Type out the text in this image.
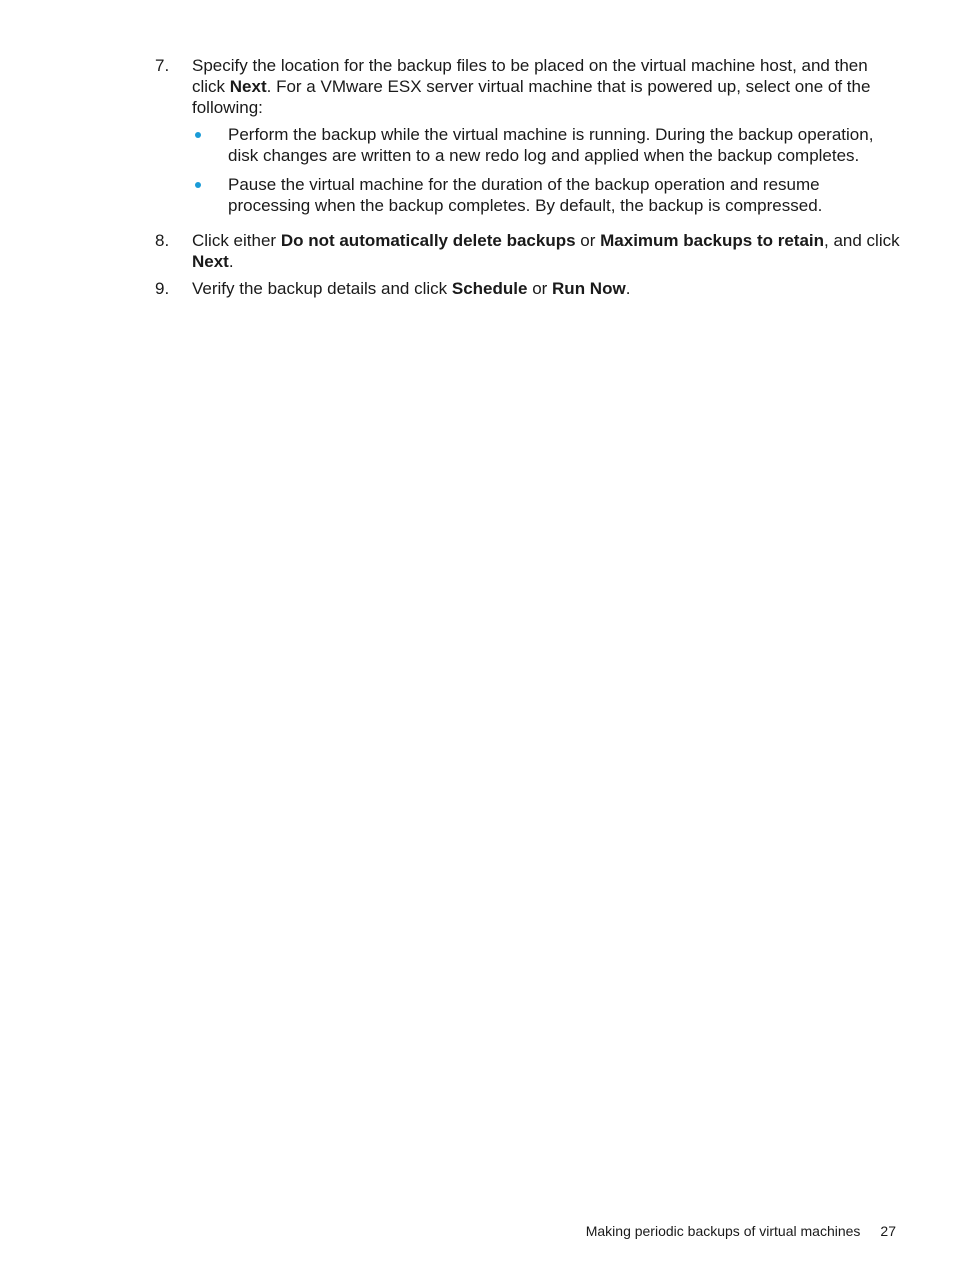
7.	Specify the location for the backup files to be placed on the virtual machine host, and then click Next. For a VMware ESX server virtual machine that is powered up, select one of the following:
Perform the backup while the virtual machine is running. During the backup operation, disk changes are written to a new redo log and applied when the backup completes.
Pause the virtual machine for the duration of the backup operation and resume processing when the backup completes. By default, the backup is compressed.
8.	Click either Do not automatically delete backups or Maximum backups to retain, and click Next.
9.	Verify the backup details and click Schedule or Run Now.
Making periodic backups of virtual machines 27
